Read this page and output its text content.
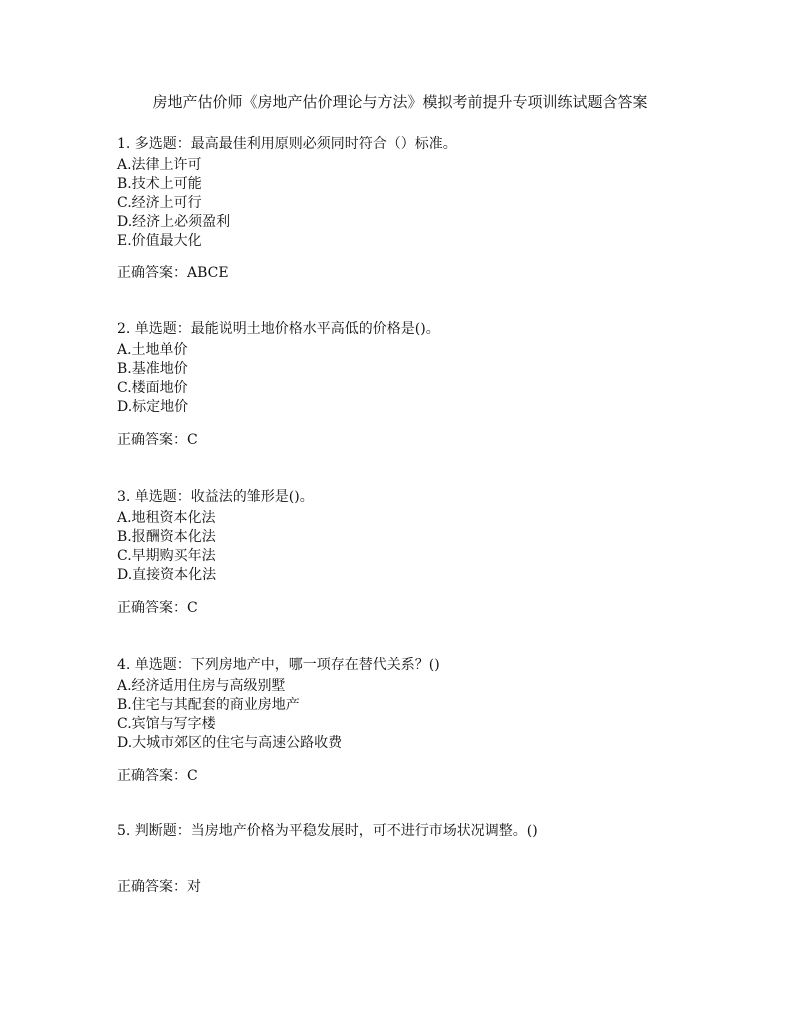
房地产估价师《房地产估价理论与方法》模拟考前提升专项训练试题含答案
1. 多选题：最高最佳利用原则必须同时符合（）标准。
A.法律上许可
B.技术上可能
C.经济上可行
D.经济上必须盈利
E.价值最大化
正确答案：ABCE
2. 单选题：最能说明土地价格水平高低的价格是()。
A.土地单价
B.基准地价
C.楼面地价
D.标定地价
正确答案：C
3. 单选题：收益法的雏形是()。
A.地租资本化法
B.报酬资本化法
C.早期购买年法
D.直接资本化法
正确答案：C
4. 单选题：下列房地产中，哪一项存在替代关系？()
A.经济适用住房与高级别墅
B.住宅与其配套的商业房地产
C.宾馆与写字楼
D.大城市郊区的住宅与高速公路收费
正确答案：C
5. 判断题：当房地产价格为平稳发展时，可不进行市场状况调整。()
正确答案：对
